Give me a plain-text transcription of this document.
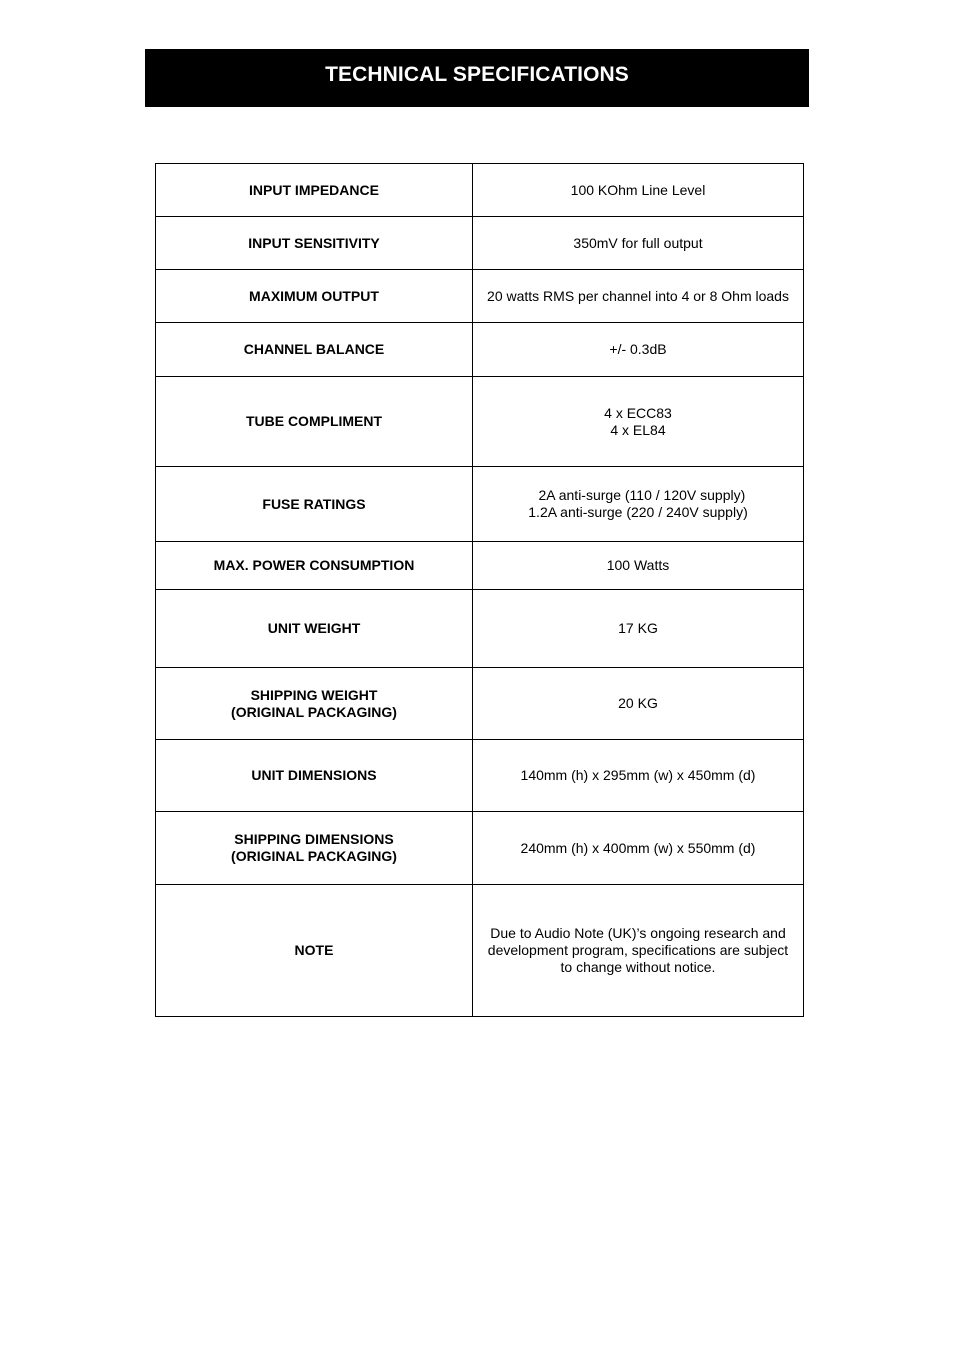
TECHNICAL SPECIFICATIONS
INPUT IMPEDANCE	100 KOhm Line Level

INPUT SENSITIVITY	350mV for full output

MAXIMUM OUTPUT	20 watts RMS per channel into 4 or 8 Ohm loads

CHANNEL BALANCE	+/- 0.3dB

TUBE COMPLIMENT	4 x ECC83
4 x EL84

FUSE RATINGS	2A anti-surge (110 / 120V supply)
1.2A anti-surge (220 / 240V supply)

MAX. POWER CONSUMPTION	100 Watts

UNIT WEIGHT	17 KG

SHIPPING WEIGHT
(ORIGINAL PACKAGING)	20 KG

UNIT DIMENSIONS	140mm (h) x 295mm (w) x 450mm (d)

SHIPPING DIMENSIONS
(ORIGINAL PACKAGING)	240mm (h) x 400mm (w) x 550mm (d)

NOTE	Due to Audio Note (UK)’s ongoing research and
development program, specifications are subject
to change without notice.
